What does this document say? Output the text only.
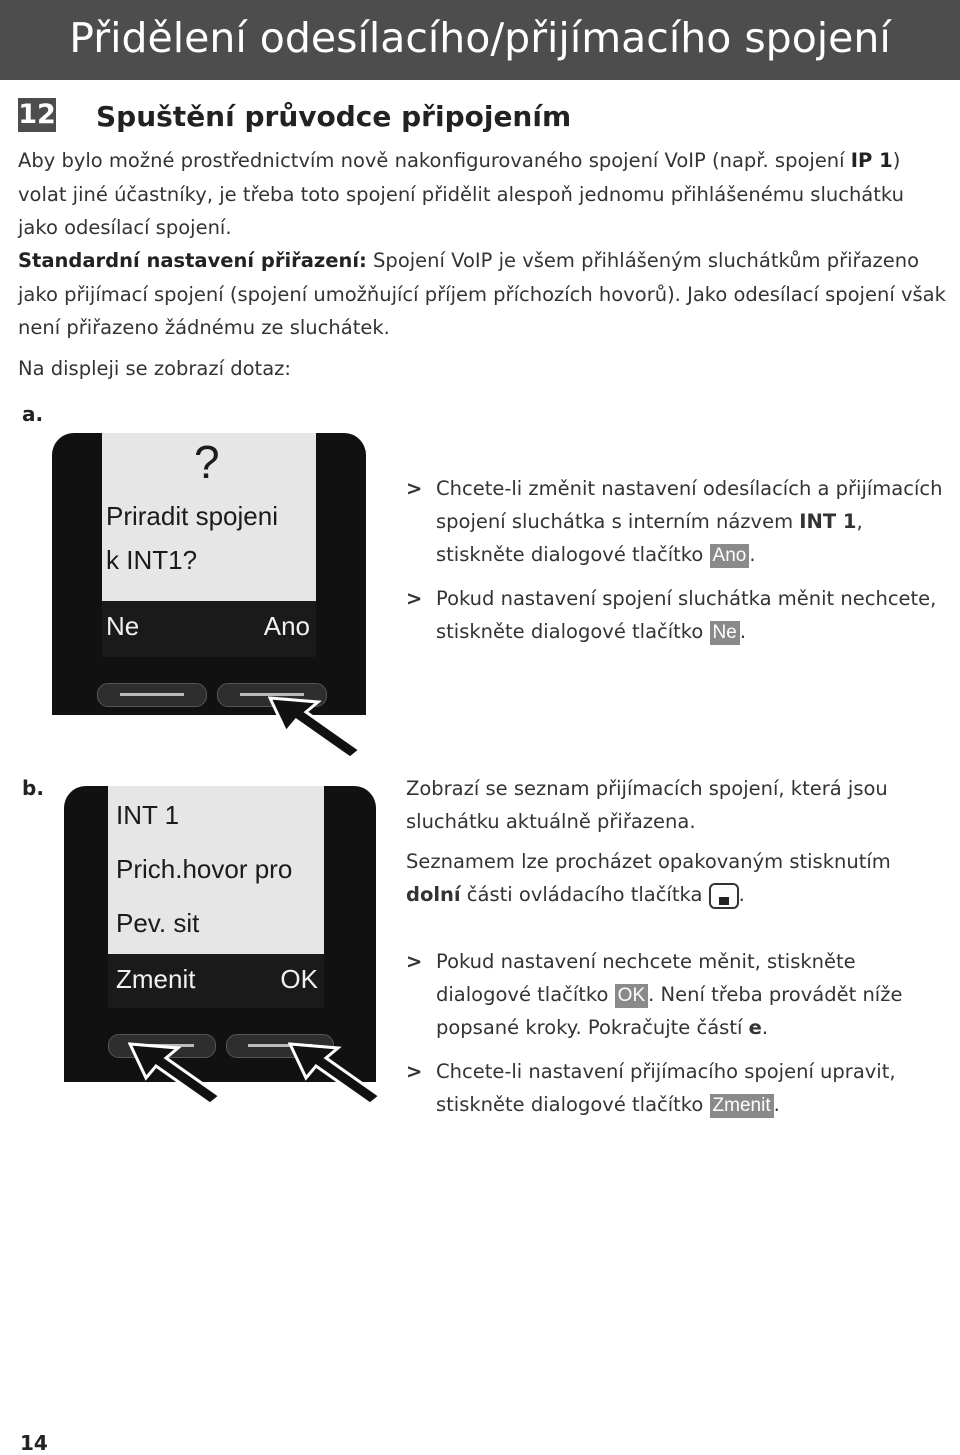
Přidělení odesílacího/přijímacího spojení
12 Spuštění průvodce připojením
Aby bylo možné prostřednictvím nově nakonfigurovaného spojení VoIP (např. spojení IP 1) volat jiné účastníky, je třeba toto spojení přidělit alespoň jednomu přihlášenému sluchátku jako odesílací spojení.
Standardní nastavení přiřazení: Spojení VoIP je všem přihlášeným sluchátkům přiřazeno jako přijímací spojení (spojení umožňující příjem příchozích hovorů). Jako odesílací spojení však není přiřazeno žádnému ze sluchátek.
Na displeji se zobrazí dotaz:
a.
?
Priradit spojeni
k INT1?
Ne	Ano
> Chcete-li změnit nastavení odesílacích a přijímacích spojení sluchátka s interním názvem INT 1, stiskněte dialogové tlačítko Ano .
> Pokud nastavení spojení sluchátka měnit nechcete, stiskněte dialogové tlačítko Ne .
b.
INT 1
Prich.hovor pro
Pev. sit
Zmenit	OK
Zobrazí se seznam přijímacích spojení, která jsou sluchátku aktuálně přiřazena.
Seznamem lze procházet opakovaným stisknutím dolní části ovládacího tlačítka .
> Pokud nastavení nechcete měnit, stiskněte dialogové tlačítko OK . Není třeba provádět níže popsané kroky. Pokračujte částí e.
> Chcete-li nastavení přijímacího spojení upravit, stiskněte dialogové tlačítko Zmenit .
14
